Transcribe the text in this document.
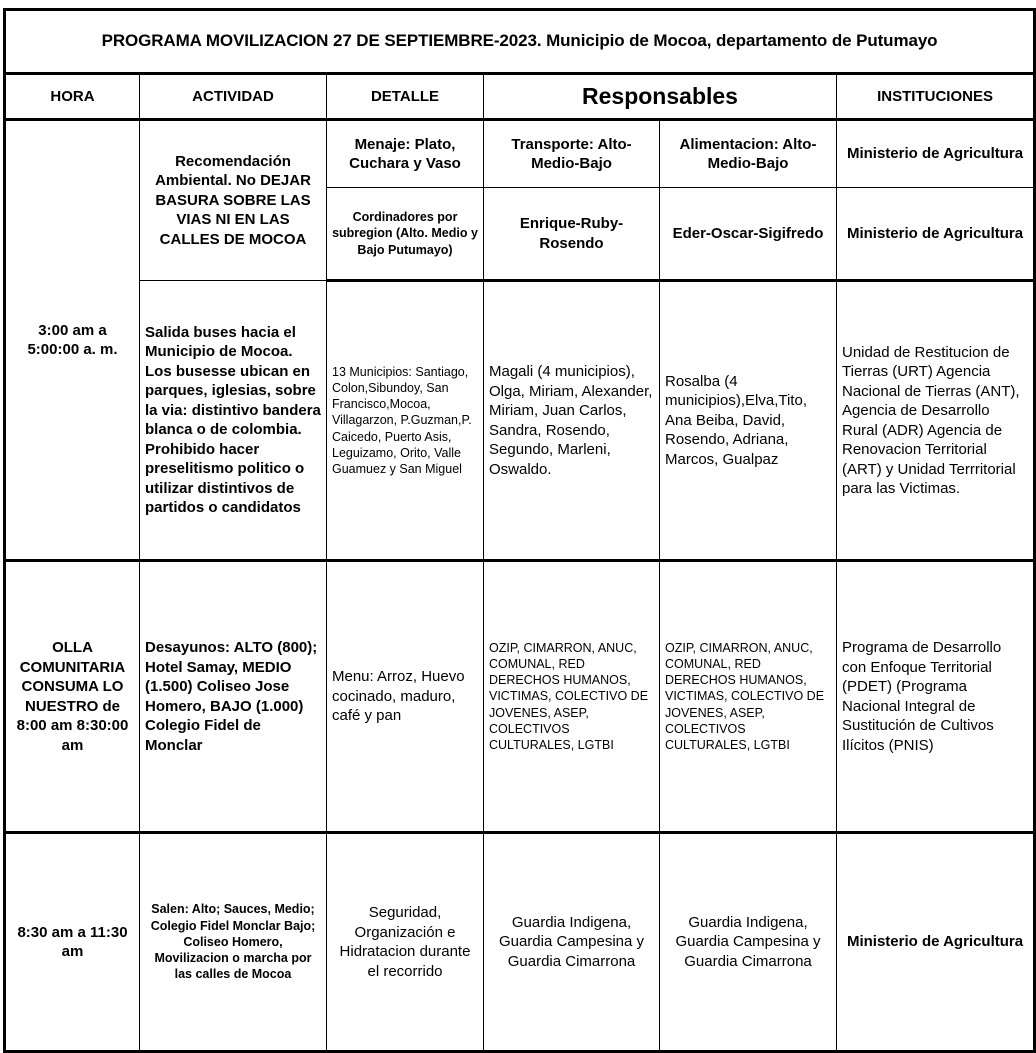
PROGRAMA MOVILIZACION 27 DE SEPTIEMBRE-2023. Municipio de Mocoa, departamento de Putumayo					
HORA	ACTIVIDAD	DETALLE	Responsables		INSTITUCIONES
3:00 am a 5:00:00 a. m.	Recomendación Ambiental. No DEJAR BASURA SOBRE LAS VIAS NI EN LAS CALLES DE MOCOA	Menaje: Plato, Cuchara y Vaso	Transporte: Alto-Medio-Bajo	Alimentacion: Alto-Medio-Bajo	Ministerio de Agricultura
		Cordinadores por subregion (Alto. Medio y Bajo Putumayo)	Enrique-Ruby-Rosendo	Eder-Oscar-Sigifredo	Ministerio de Agricultura
	Salida buses hacia el Municipio de Mocoa. Los busesse ubican en parques, iglesias, sobre la via: distintivo bandera blanca o de colombia. Prohibido hacer preselitismo politico o utilizar distintivos de partidos o candidatos	13 Municipios: Santiago, Colon,Sibundoy, San Francisco,Mocoa, Villagarzon, P.Guzman,P. Caicedo, Puerto Asis, Leguizamo, Orito, Valle Guamuez y San Miguel	Magali (4 municipios), Olga, Miriam, Alexander, Miriam, Juan Carlos, Sandra, Rosendo, Segundo, Marleni, Oswaldo.	Rosalba (4 municipios),Elva,Tito, Ana Beiba, David, Rosendo, Adriana, Marcos, Gualpaz	Unidad de Restitucion de Tierras (URT) Agencia Nacional de Tierras (ANT), Agencia de Desarrollo Rural (ADR) Agencia de Renovacion Territorial (ART) y Unidad Terrritorial para las Victimas.
OLLA COMUNITARIA CONSUMA LO NUESTRO de 8:00 am 8:30:00 am	Desayunos: ALTO (800); Hotel Samay, MEDIO (1.500) Coliseo Jose Homero, BAJO (1.000) Colegio Fidel de Monclar	Menu: Arroz, Huevo cocinado, maduro, café y pan	OZIP, CIMARRON, ANUC, COMUNAL, RED DERECHOS HUMANOS, VICTIMAS, COLECTIVO DE JOVENES, ASEP, COLECTIVOS CULTURALES, LGTBI	OZIP, CIMARRON, ANUC, COMUNAL, RED DERECHOS HUMANOS, VICTIMAS, COLECTIVO DE JOVENES, ASEP, COLECTIVOS CULTURALES, LGTBI	Programa de Desarrollo con Enfoque Territorial (PDET) (Programa Nacional Integral de Sustitución de Cultivos Ilícitos (PNIS)
8:30 am a 11:30 am	Salen: Alto; Sauces, Medio; Colegio Fidel Monclar Bajo; Coliseo Homero, Movilizacion o marcha por las calles de Mocoa	Seguridad, Organización e Hidratacion durante el recorrido	Guardia Indigena, Guardia Campesina y Guardia Cimarrona	Guardia Indigena, Guardia Campesina y Guardia Cimarrona	Ministerio de Agricultura
